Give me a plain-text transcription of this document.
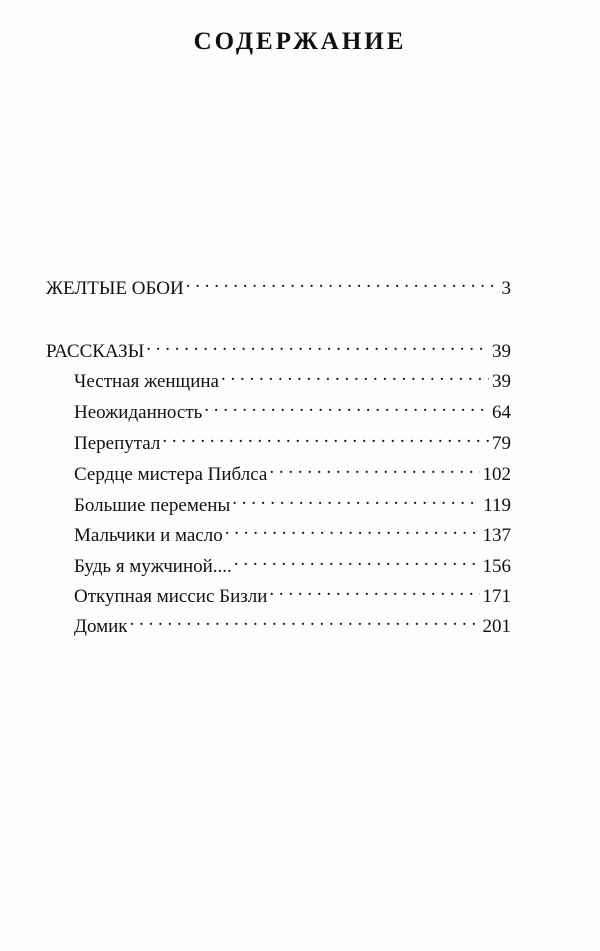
СОДЕРЖАНИЕ
ЖЕЛТЫЕ ОБОИ . . .	3
РАССКАЗЫ . . .	39
Честная женщина . . .	39
Неожиданность . . .	64
Перепутал . . .	79
Сердце мистера Пиблса . . .	102
Большие перемены . . .	119
Мальчики и масло . . .	137
Будь я мужчиной.... . . .	156
Откупная миссис Бизли . . .	171
Домик . . .	201
